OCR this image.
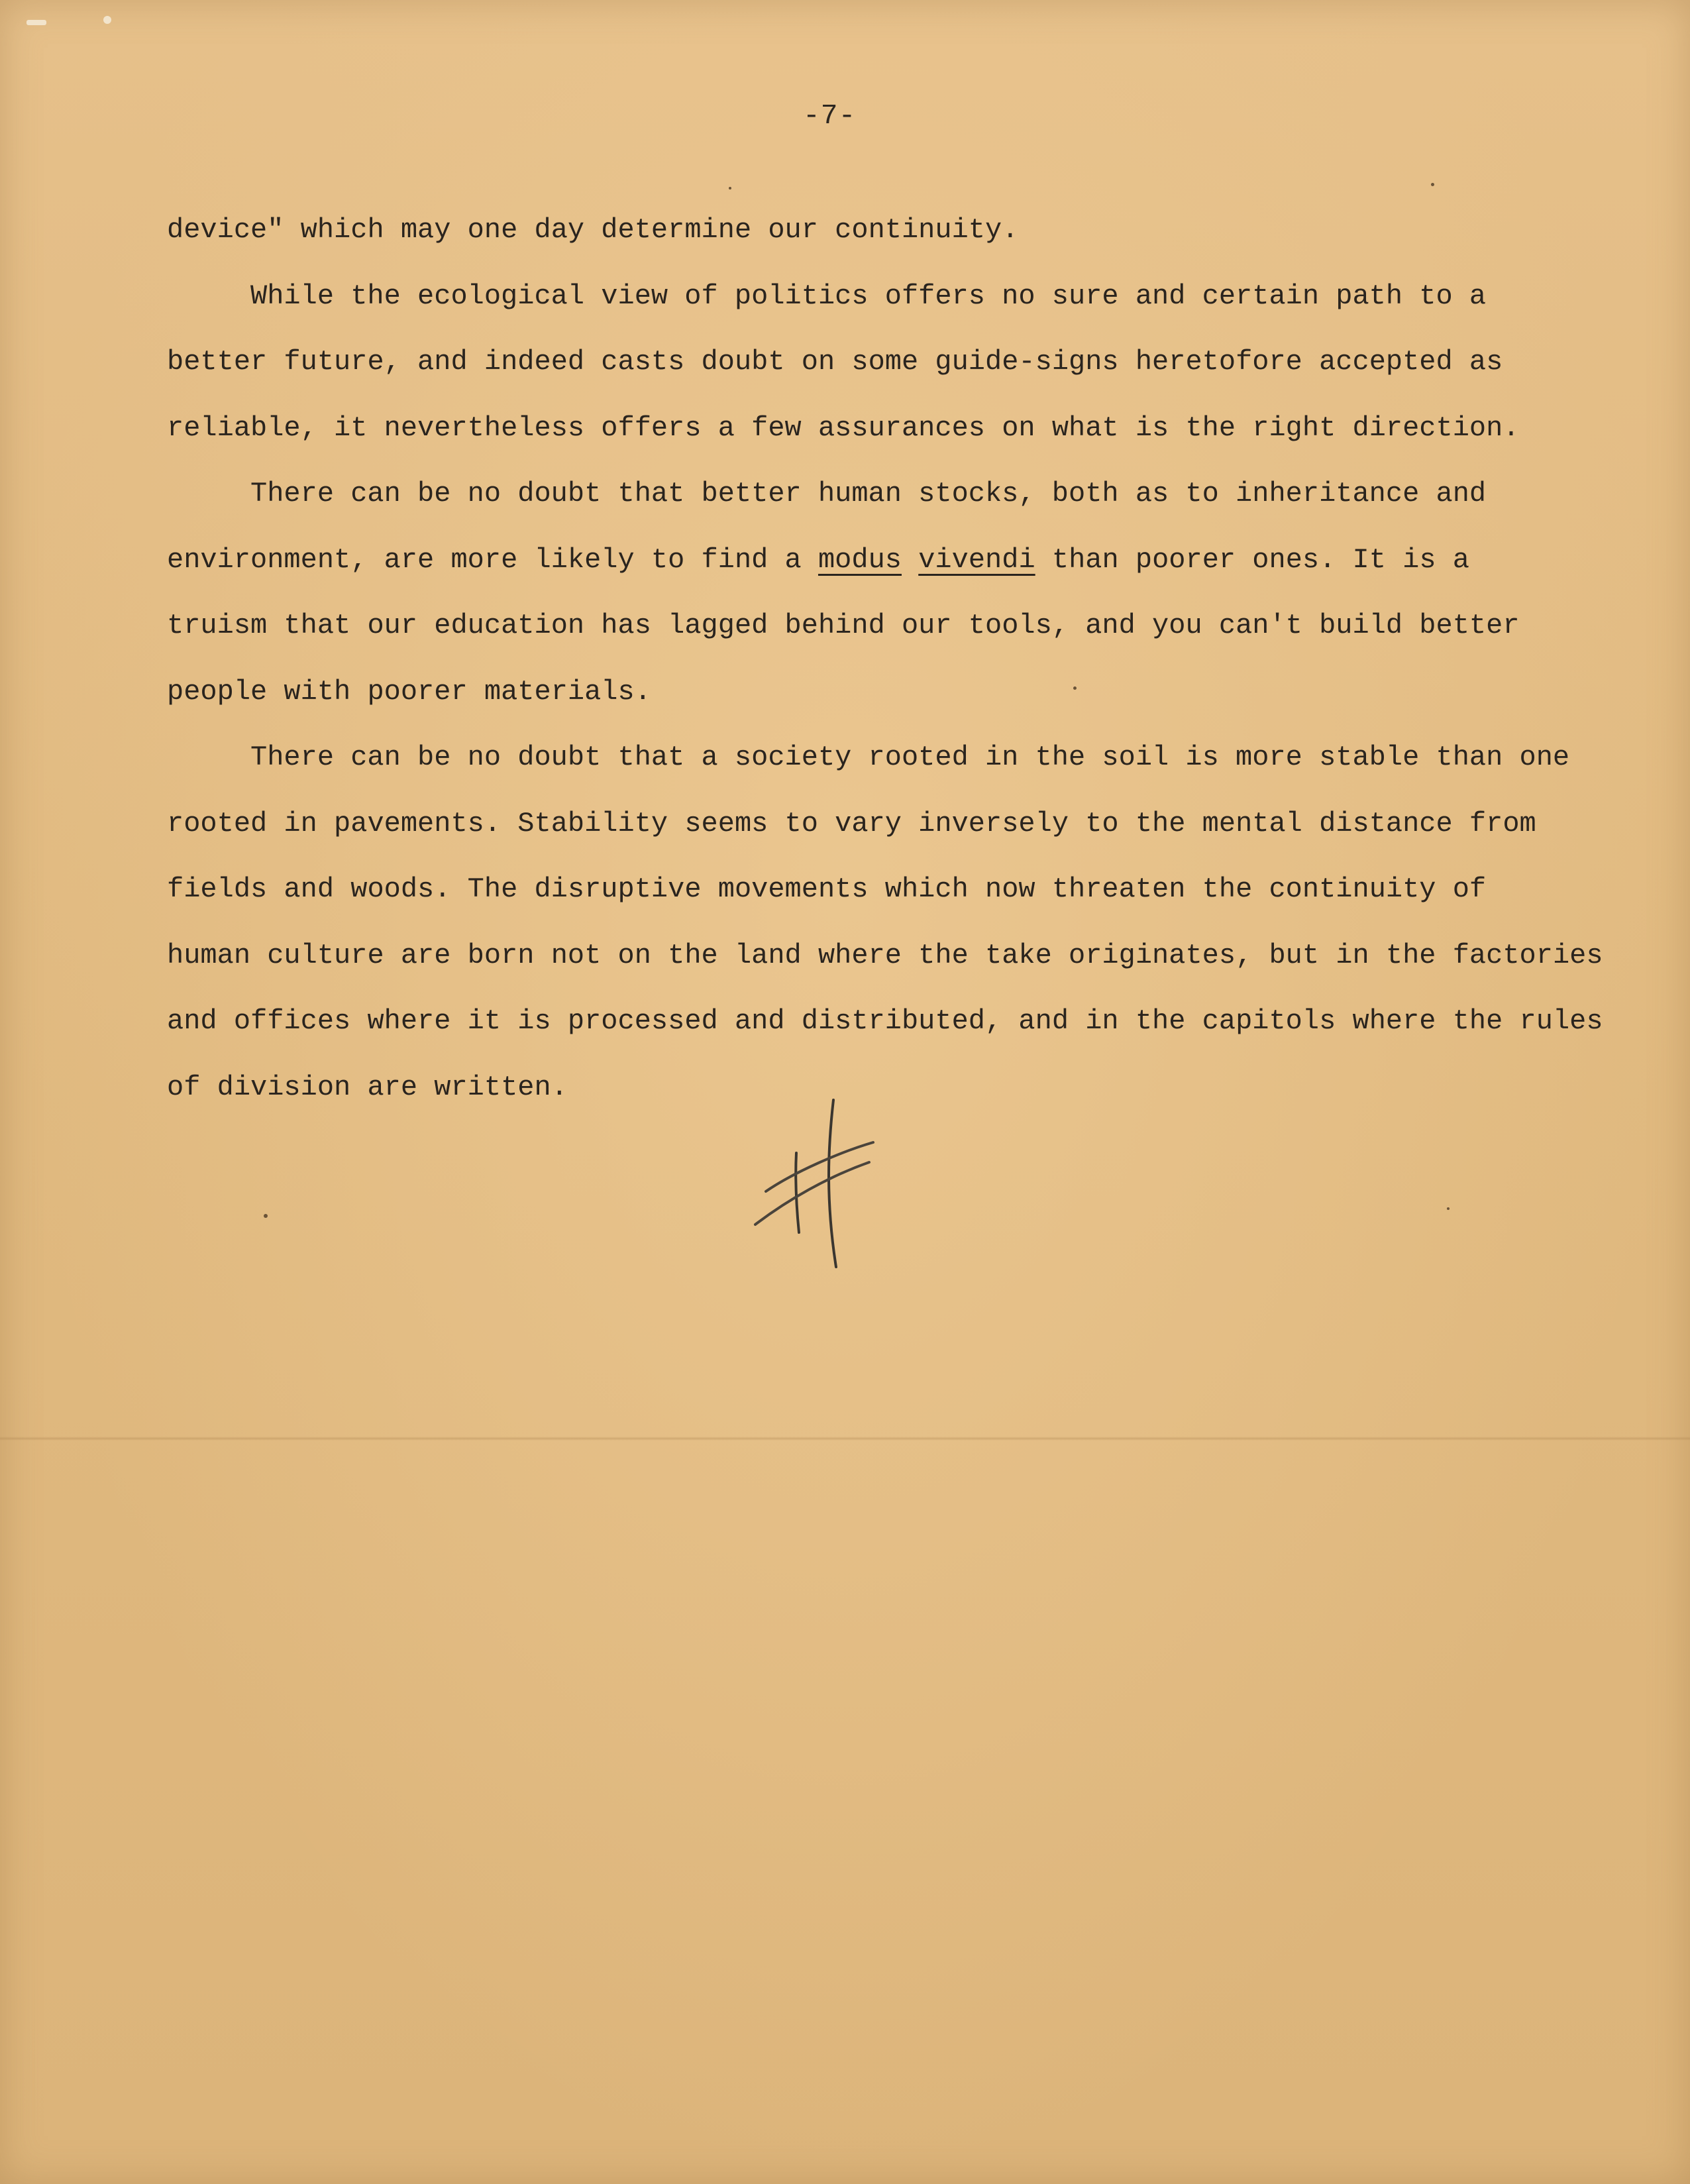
-7-
device" which may one day determine our continuity.
While the ecological view of politics offers no sure and certain path to a
better future, and indeed casts doubt on some guide-signs heretofore accepted as
reliable, it nevertheless offers a few assurances on what is the right direction.
There can be no doubt that better human stocks, both as to inheritance and
environment, are more likely to find a modus vivendi than poorer ones. It is a
truism that our education has lagged behind our tools, and you can't build better
people with poorer materials.
There can be no doubt that a society rooted in the soil is more stable than one
rooted in pavements. Stability seems to vary inversely to the mental distance from
fields and woods. The disruptive movements which now threaten the continuity of
human culture are born not on the land where the take originates, but in the factories
and offices where it is processed and distributed, and in the capitols where the rules
of division are written.
